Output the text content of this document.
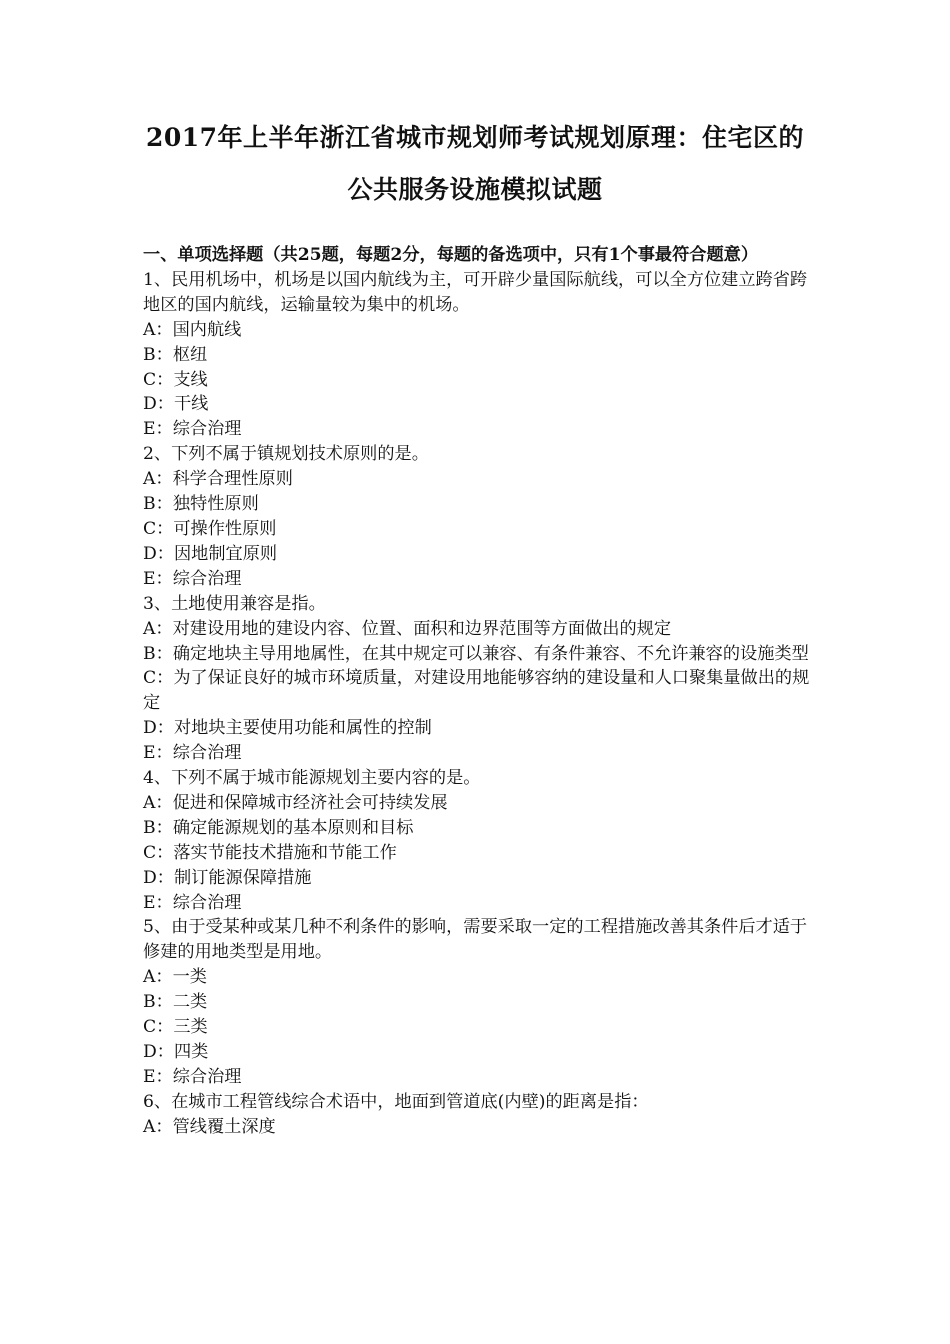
2017年上半年浙江省城市规划师考试规划原理：住宅区的
公共服务设施模拟试题

一、单项选择题（共25题，每题2分，每题的备选项中，只有1个事最符合题意）

1、民用机场中，机场是以国内航线为主，可开辟少量国际航线，可以全方位建立跨省跨地区的国内航线，运输量较为集中的机场。

A：国内航线

B：枢纽

C：支线

D：干线

E：综合治理

2、下列不属于镇规划技术原则的是。

A：科学合理性原则

B：独特性原则

C：可操作性原则

D：因地制宜原则

E：综合治理

3、土地使用兼容是指。

A：对建设用地的建设内容、位置、面积和边界范围等方面做出的规定

B：确定地块主导用地属性，在其中规定可以兼容、有条件兼容、不允许兼容的设施类型

C：为了保证良好的城市环境质量，对建设用地能够容纳的建设量和人口聚集量做出的规定

D：对地块主要使用功能和属性的控制

E：综合治理

4、下列不属于城市能源规划主要内容的是。

A：促进和保障城市经济社会可持续发展

B：确定能源规划的基本原则和目标

C：落实节能技术措施和节能工作

D：制订能源保障措施

E：综合治理

5、由于受某种或某几种不利条件的影响，需要采取一定的工程措施改善其条件后才适于修建的用地类型是用地。

A：一类

B：二类

C：三类

D：四类

E：综合治理

6、在城市工程管线综合术语中，地面到管道底(内壁)的距离是指：

A：管线覆土深度
